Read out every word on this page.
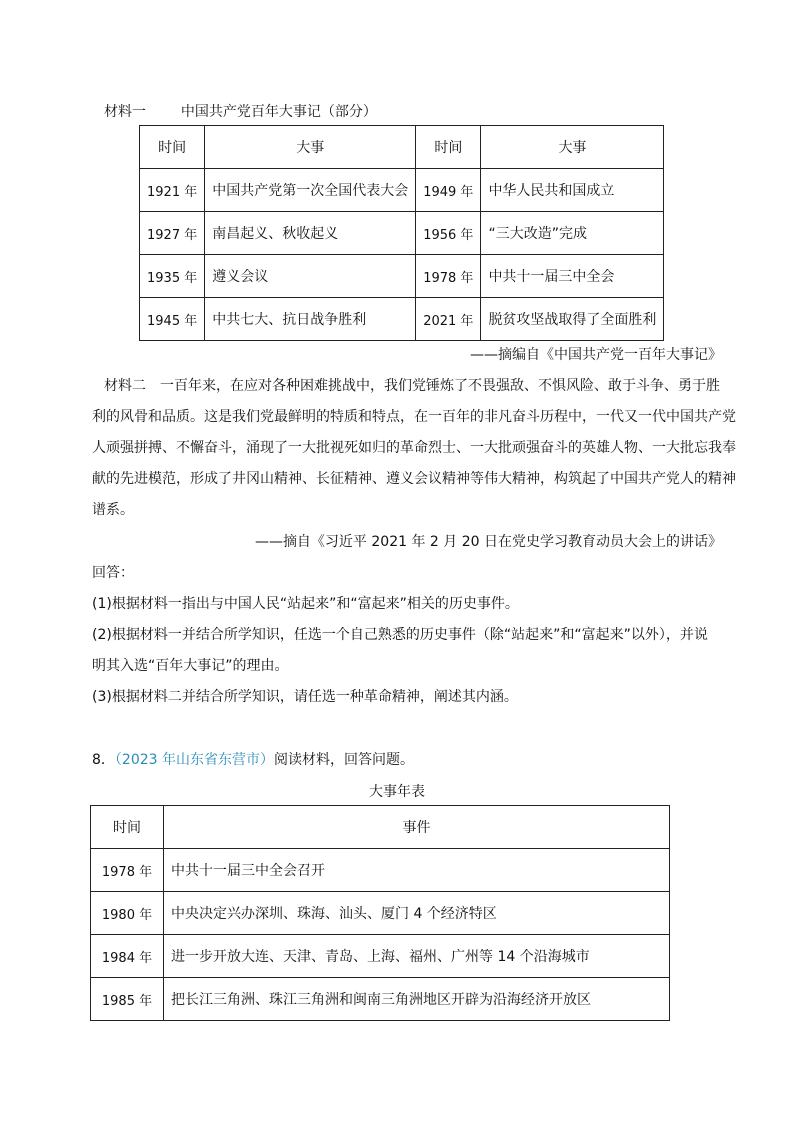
材料一 中国共产党百年大事记（部分）
时间	大事	时间	大事
1921 年	中国共产党第一次全国代表大会	1949 年	中华人民共和国成立
1927 年	南昌起义、秋收起义	1956 年	“三大改造”完成
1935 年	遵义会议	1978 年	中共十一届三中全会
1945 年	中共七大、抗日战争胜利	2021 年	脱贫攻坚战取得了全面胜利
——摘编自《中国共产党一百年大事记》
材料二　一百年来，在应对各种困难挑战中，我们党锤炼了不畏强敌、不惧风险、敢于斗争、勇于胜
利的风骨和品质。这是我们党最鲜明的特质和特点，在一百年的非凡奋斗历程中，一代又一代中国共产党
人顽强拼搏、不懈奋斗，涌现了一大批视死如归的革命烈士、一大批顽强奋斗的英雄人物、一大批忘我奉
献的先进模范，形成了井冈山精神、长征精神、遵义会议精神等伟大精神，构筑起了中国共产党人的精神
谱系。
——摘自《习近平 2021 年 2 月 20 日在党史学习教育动员大会上的讲话》
回答：
(1)根据材料一指出与中国人民“站起来”和“富起来”相关的历史事件。
(2)根据材料一并结合所学知识，任选一个自己熟悉的历史事件（除“站起来”和“富起来”以外），并说
明其入选“百年大事记”的理由。
(3)根据材料二并结合所学知识，请任选一种革命精神，阐述其内涵。
8．（2023 年山东省东营市）阅读材料，回答问题。
大事年表
时间	事件
1978 年	中共十一届三中全会召开
1980 年	中央决定兴办深圳、珠海、汕头、厦门 4 个经济特区
1984 年	进一步开放大连、天津、青岛、上海、福州、广州等 14 个沿海城市
1985 年	把长江三角洲、珠江三角洲和闽南三角洲地区开辟为沿海经济开放区
